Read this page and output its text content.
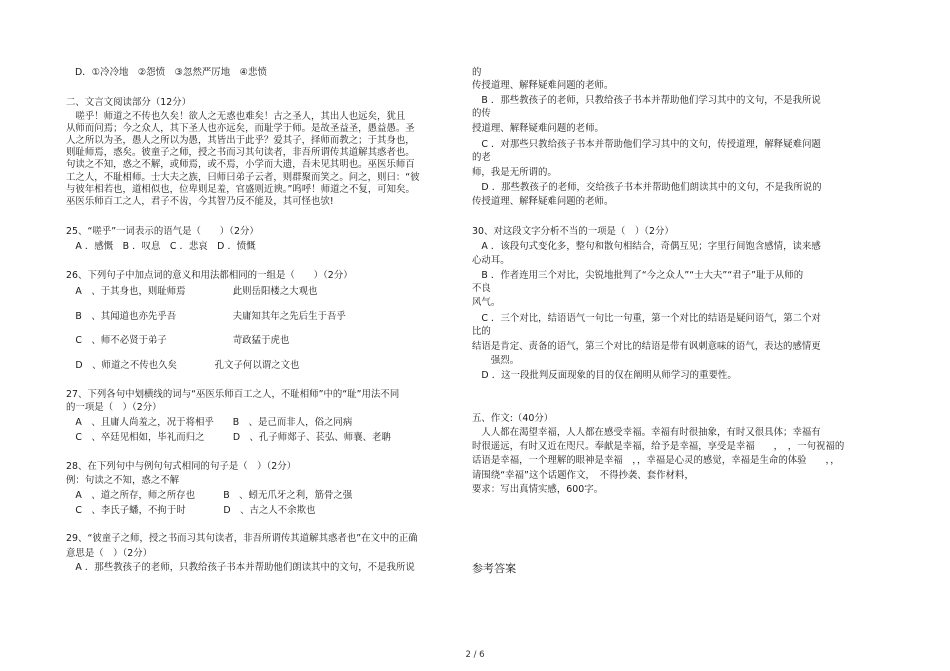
D．①冷冷地　②怨愤　③忽然严厉地　④悲愤
二、文言文阅读部分（12分）
　嗟乎！师道之不传也久矣！欲人之无惑也难矣！古之圣人，其出人也远矣，犹且
从师而问焉；今之众人，其下圣人也亦远矣，而耻学于师。是故圣益圣，愚益愚。圣
人之所以为圣，愚人之所以为愚，其皆出于此乎？爱其子，择师而教之；于其身也，
则耻师焉，惑矣。彼童子之师，授之书而习其句读者，非吾所谓传其道解其惑者也。
句读之不知，惑之不解，或师焉，或不焉，小学而大遗，吾未见其明也。巫医乐师百
工之人，不耻相师。士大夫之族，曰师曰弟子云者，则群聚而笑之。问之，则曰：“彼
与彼年相若也，道相似也，位卑则足羞，官盛则近谀。”呜呼！师道之不复，可知矣。
巫医乐师百工之人，君子不齿，今其智乃反不能及，其可怪也欤!
25、“嗟乎”一词表示的语气是（　　）（2分）
　A ．感慨　B ．叹息　C ．悲哀　D ．愤慨
26、下列句子中加点词的意义和用法都相同的一组是（　　）（2分）
　A　、于其身也，则耻师焉　　　　　此则岳阳楼之大观也
　B　、其闻道也亦先乎吾　　　　　　夫庸知其年之先后生于吾乎
　C　、师不必贤于弟子　　　　　　　苛政猛于虎也
　D　、师道之不传也久矣　　　　孔文子何以谓之文也
27、下列各句中划横线的词与“巫医乐师百工之人，不耻相师”中的“耻”用法不同
的一项是（　）（2分）
　A　、且庸人尚羞之，况于将相乎　　B　、是己而非人，俗之同病
　C　、卒廷见相如，毕礼而归之　　　D　、孔子师郯子、苌弘、师襄、老聃
28、在下列句中与例句句式相同的句子是（　）（2分）
例：句读之不知，惑之不解
　A　、道之所存，师之所存也　　　B　、蚓无爪牙之利，筋骨之强
　C　、李氏子蟠，不拘于时　　　　D　、古之人不余欺也
29、“彼童子之师，授之书而习其句读者，非吾所谓传其道解其惑者也”在文中的正确
意思是（　）（2分）
　A ．那些教孩子的老师，只教给孩子书本并帮助他们朗读其中的文句，不是我所说
的
传授道理、解释疑难问题的老师。
　B ．那些教孩子的老师，只教给孩子书本并帮助他们学习其中的文句，不是我所说
的传
授道理、解释疑难问题的老师。
　C ．对那些只教给孩子书本并帮助他们学习其中的文句，传授道理，解释疑难问题
的老
师，我是无所谓的。
　D ．那些教孩子的老师，交给孩子书本并帮助他们朗读其中的文句，不是我所说的
传授道理、解释疑难问题的老师。
30、对这段文字分析不当的一项是（　）（2分）
　A ．该段句式变化多，整句和散句相结合，奇偶互见；字里行间饱含感情，读来感
心动耳。
　B ．作者连用三个对比，尖锐地批判了“今之众人”“士大夫”“君子”耻于从师的
不良
风气。
　C ．三个对比，结语语气一句比一句重，第一个对比的结语是疑问语气，第二个对
比的
结语是肯定、责备的语气，第三个对比的结语是带有讽刺意味的语气，表达的感情更
　　强烈。
　D ．这一段批判反面现象的目的仅在阐明从师学习的重要性。
五、作文:（40分）
　人人都在渴望幸福，人人都在感受幸福。幸福有时很抽象，有时又很具体；幸福有
时很遥远，有时又近在咫尺。奉献是幸福，给予是幸福，享受是幸福　　，　，一句祝福的
话语是幸福，一个理解的眼神是幸福　，，幸福是心灵的感觉，幸福是生命的体验　　，，
请围绕“幸福”这个话题作文，　不得抄袭、套作材料，
要求：写出真情实感，600字。
参考答案
2 / 6
